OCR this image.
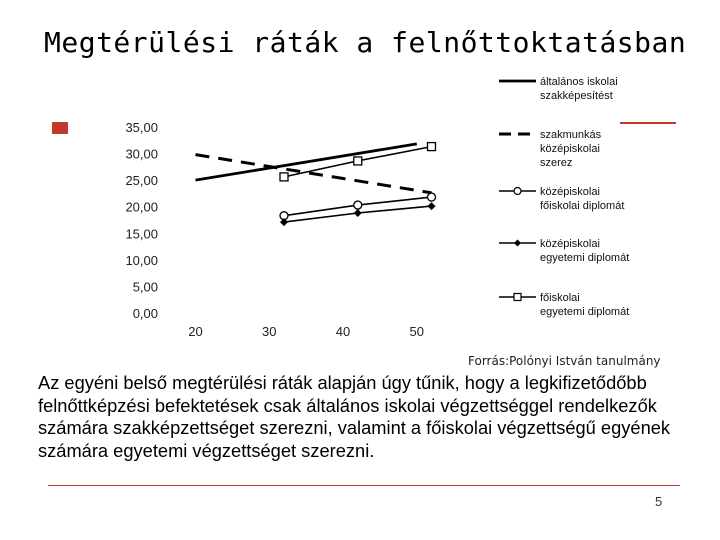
Megtérülési ráták a felnőttoktatásban
0,00
5,00
10,00
15,00
20,00
25,00
30,00
35,00
20	30	40	50
általános iskolai szakképesítést
szakmunkás középiskolai szerez
középiskolai főiskolai diplomát
középiskolai egyetemi diplomát
főiskolai egyetemi diplomát
Forrás:Polónyi István tanulmány
Az egyéni belső megtérülési ráták alapján úgy tűnik, hogy a legkifizetődőbb felnőttképzési befektetések csak általános iskolai végzettséggel rendelkezők számára szakképzettséget szerezni, valamint a főiskolai végzettségű egyének számára egyetemi végzettséget szerezni.
5
